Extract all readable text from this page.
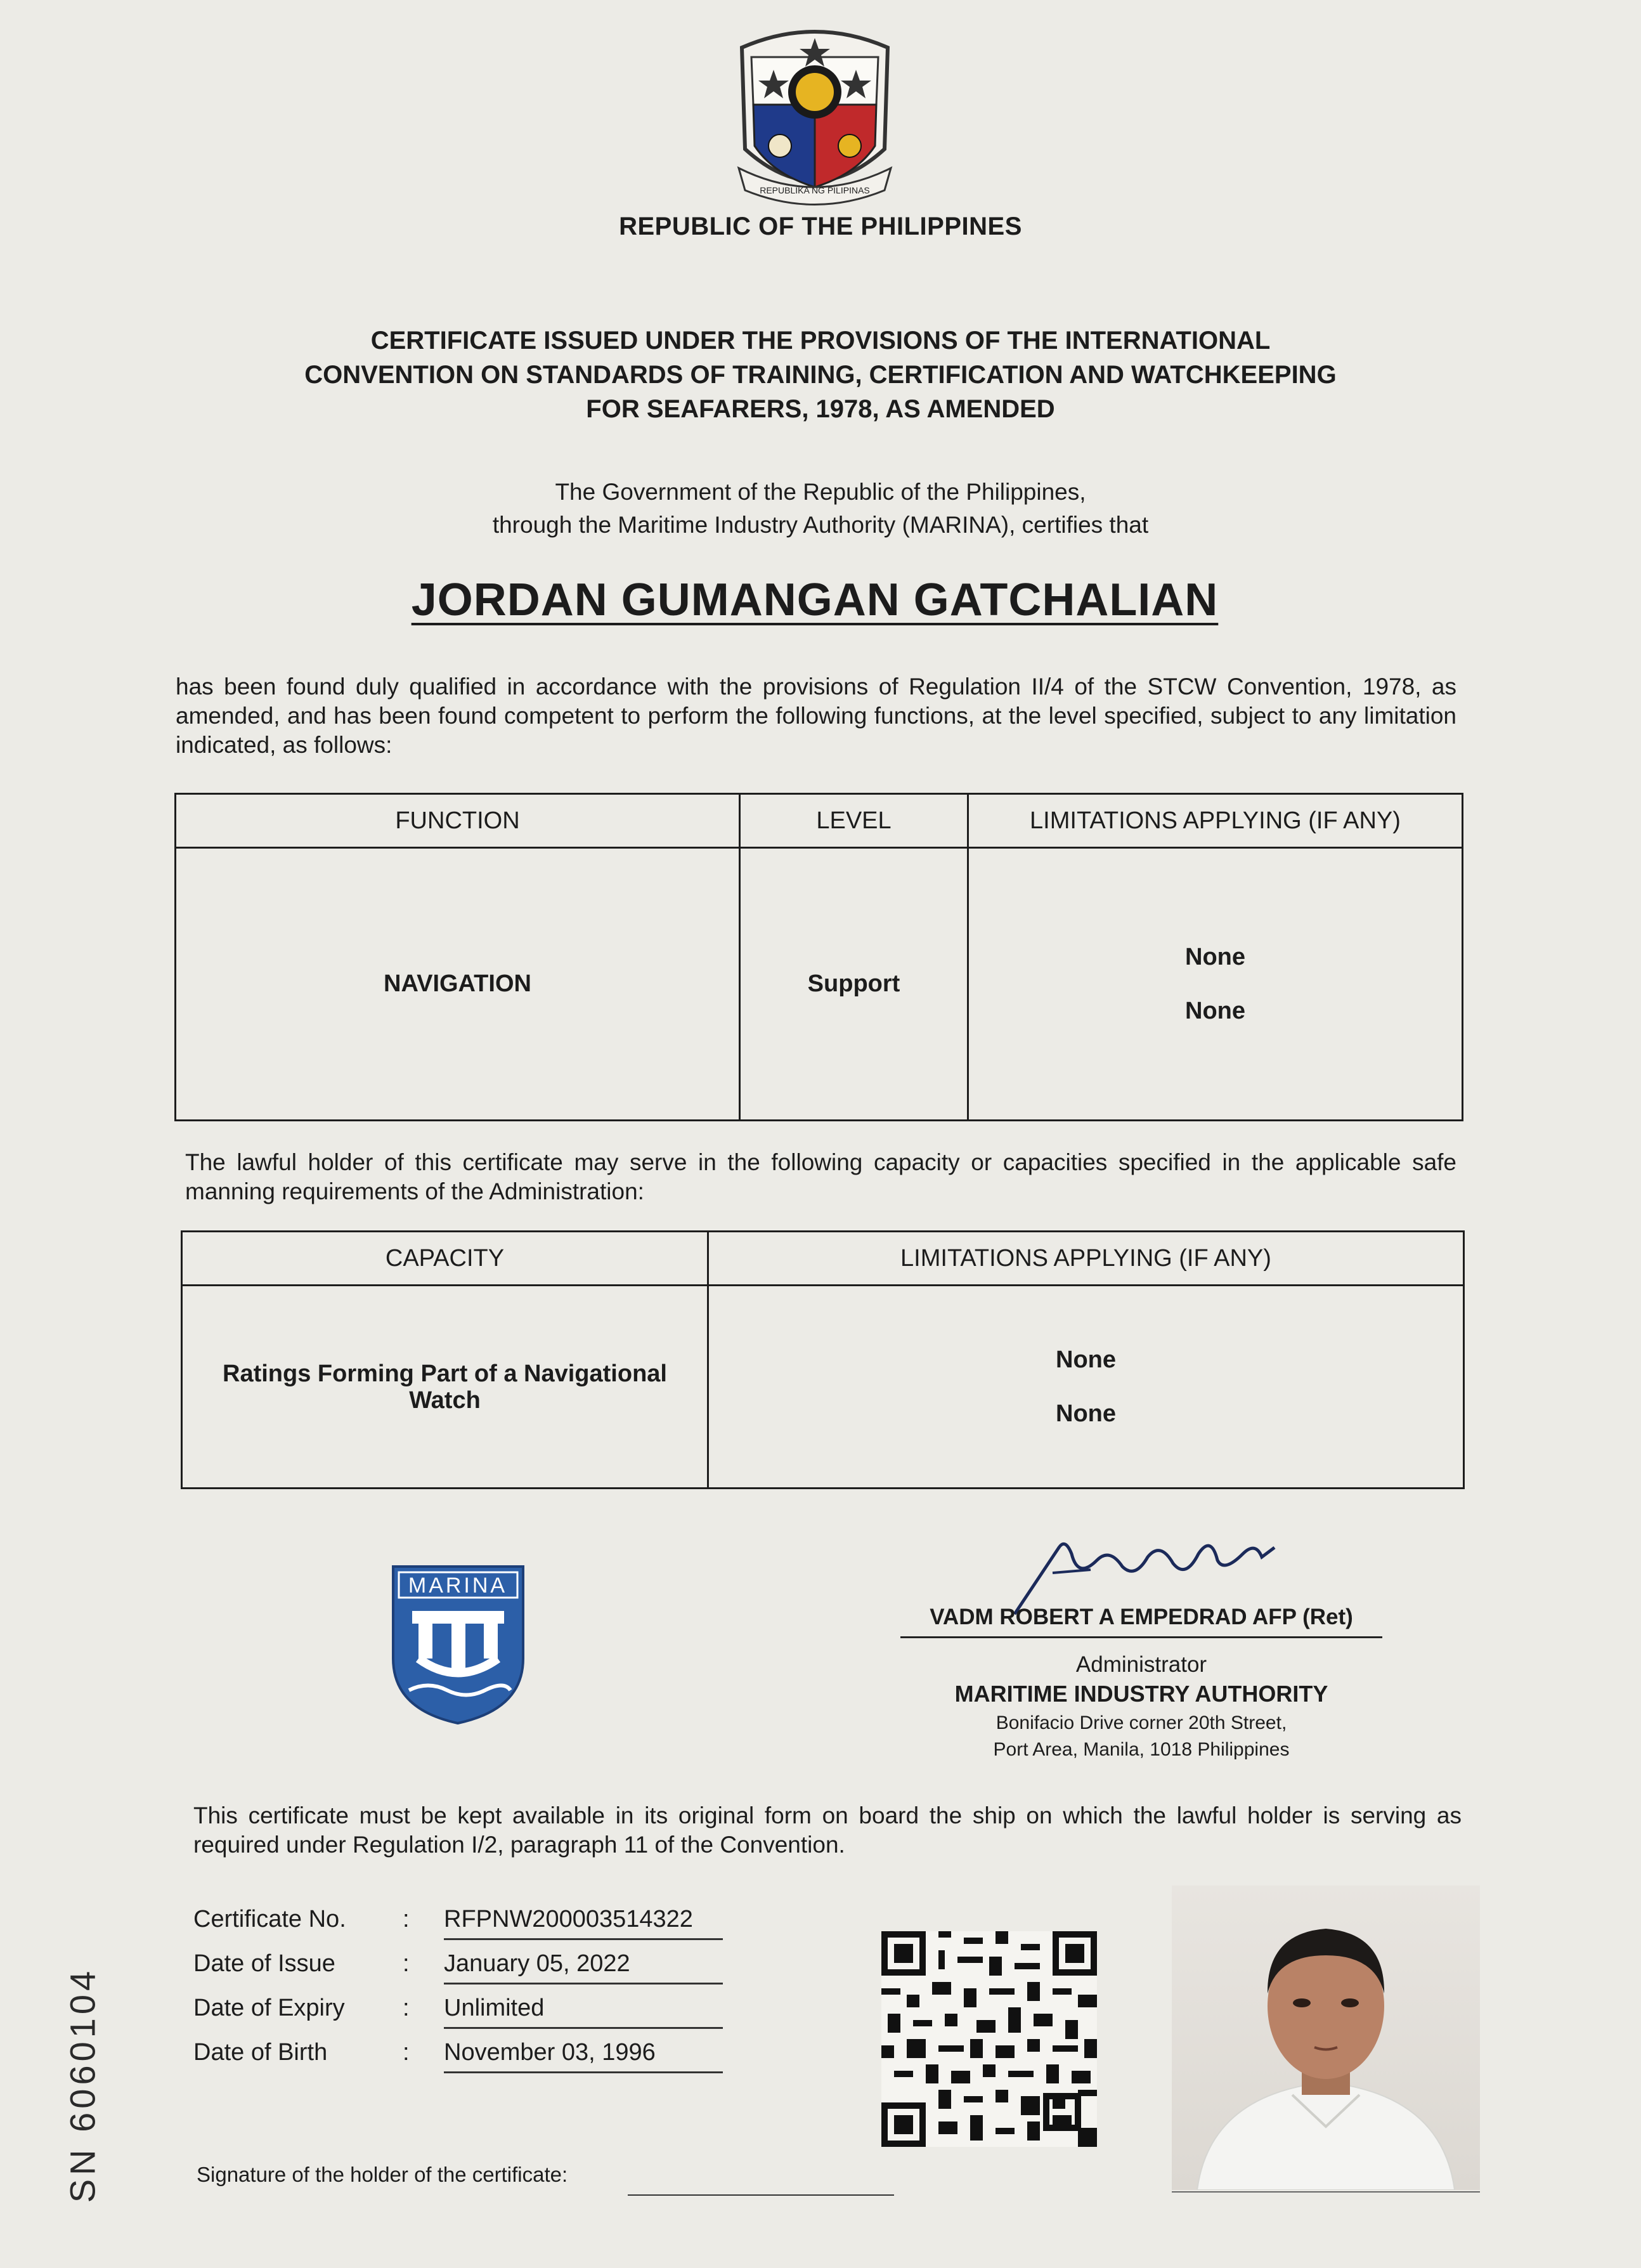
REPUBLIKA NG PILIPINAS
REPUBLIC OF THE PHILIPPINES
CERTIFICATE ISSUED UNDER THE PROVISIONS OF THE INTERNATIONAL
CONVENTION ON STANDARDS OF TRAINING, CERTIFICATION AND WATCHKEEPING
FOR SEAFARERS, 1978, AS AMENDED
The Government of the Republic of the Philippines,
through the Maritime Industry Authority (MARINA), certifies that
JORDAN GUMANGAN GATCHALIAN
has been found duly qualified in accordance with the provisions of Regulation II/4 of the STCW Convention, 1978, as amended, and has been found competent to perform the following functions, at the level specified, subject to any limitation indicated, as follows:
FUNCTION	LEVEL	LIMITATIONS APPLYING (IF ANY)
NAVIGATION	Support	None
None
The lawful holder of this certificate may serve in the following capacity or capacities specified in the applicable safe manning requirements of the Administration:
CAPACITY	LIMITATIONS APPLYING (IF ANY)
Ratings Forming Part of a Navigational Watch	None
None
MARINA
VADM ROBERT A EMPEDRAD AFP (Ret)
Administrator
MARITIME INDUSTRY AUTHORITY
Bonifacio Drive corner 20th Street,
Port Area, Manila, 1018 Philippines
This certificate must be kept available in its original form on board the ship on which the lawful holder is serving as required under Regulation I/2, paragraph 11 of the Convention.
Certificate No. : RFPNW200003514322
Date of Issue	: January 05, 2022
Date of Expiry : Unlimited
Date of Birth	: November 03, 1996
Signature of the holder of the certificate:
SN 6060104
